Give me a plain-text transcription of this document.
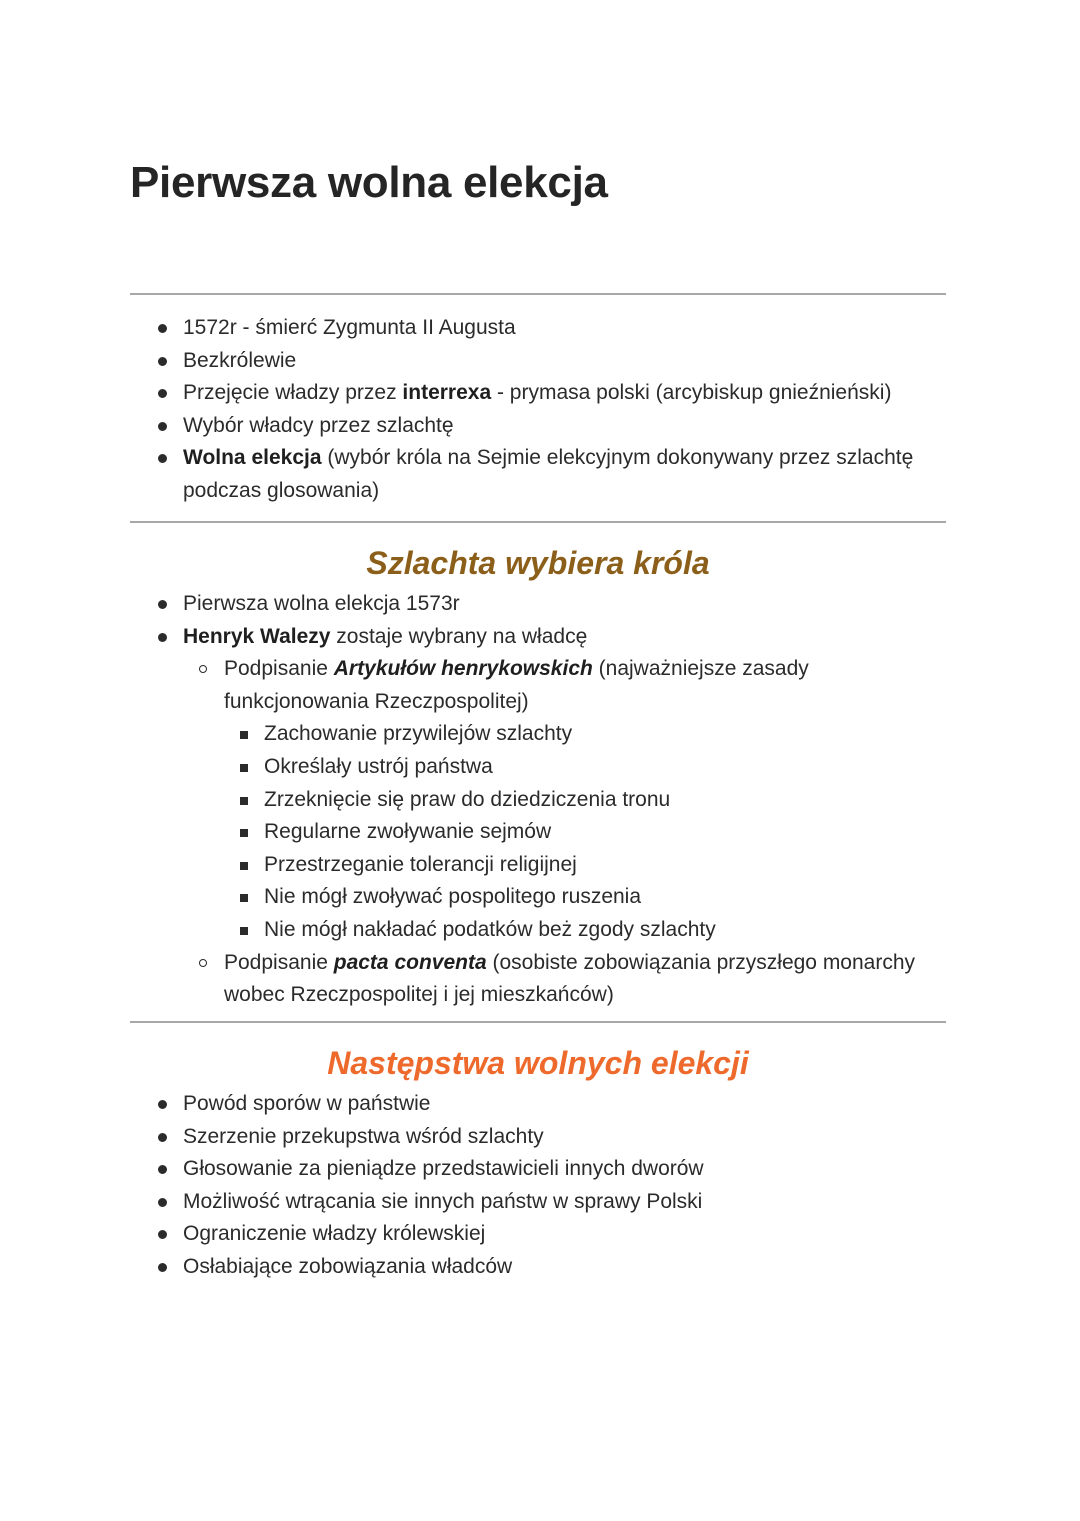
Pierwsza wolna elekcja
1572r - śmierć Zygmunta II Augusta
Bezkrólewie
Przejęcie władzy przez interrexa - prymasa polski (arcybiskup gnieźnieński)
Wybór władcy przez szlachtę
Wolna elekcja (wybór króla na Sejmie elekcyjnym dokonywany przez szlachtę podczas glosowania)
Szlachta wybiera króla
Pierwsza wolna elekcja 1573r
Henryk Walezy zostaje wybrany na władcę
Podpisanie Artykułów henrykowskich (najważniejsze zasady funkcjonowania Rzeczpospolitej)
Zachowanie przywilejów szlachty
Określały ustrój państwa
Zrzeknięcie się praw do dziedziczenia tronu
Regularne zwoływanie sejmów
Przestrzeganie tolerancji religijnej
Nie mógł zwoływać pospolitego ruszenia
Nie mógł nakładać podatków beż zgody szlachty
Podpisanie pacta conventa (osobiste zobowiązania przyszłego monarchy wobec Rzeczpospolitej i jej mieszkańców)
Następstwa wolnych elekcji
Powód sporów w państwie
Szerzenie przekupstwa wśród szlachty
Głosowanie za pieniądze przedstawicieli innych dworów
Możliwość wtrącania sie innych państw w sprawy Polski
Ograniczenie władzy królewskiej
Osłabiające zobowiązania władców
